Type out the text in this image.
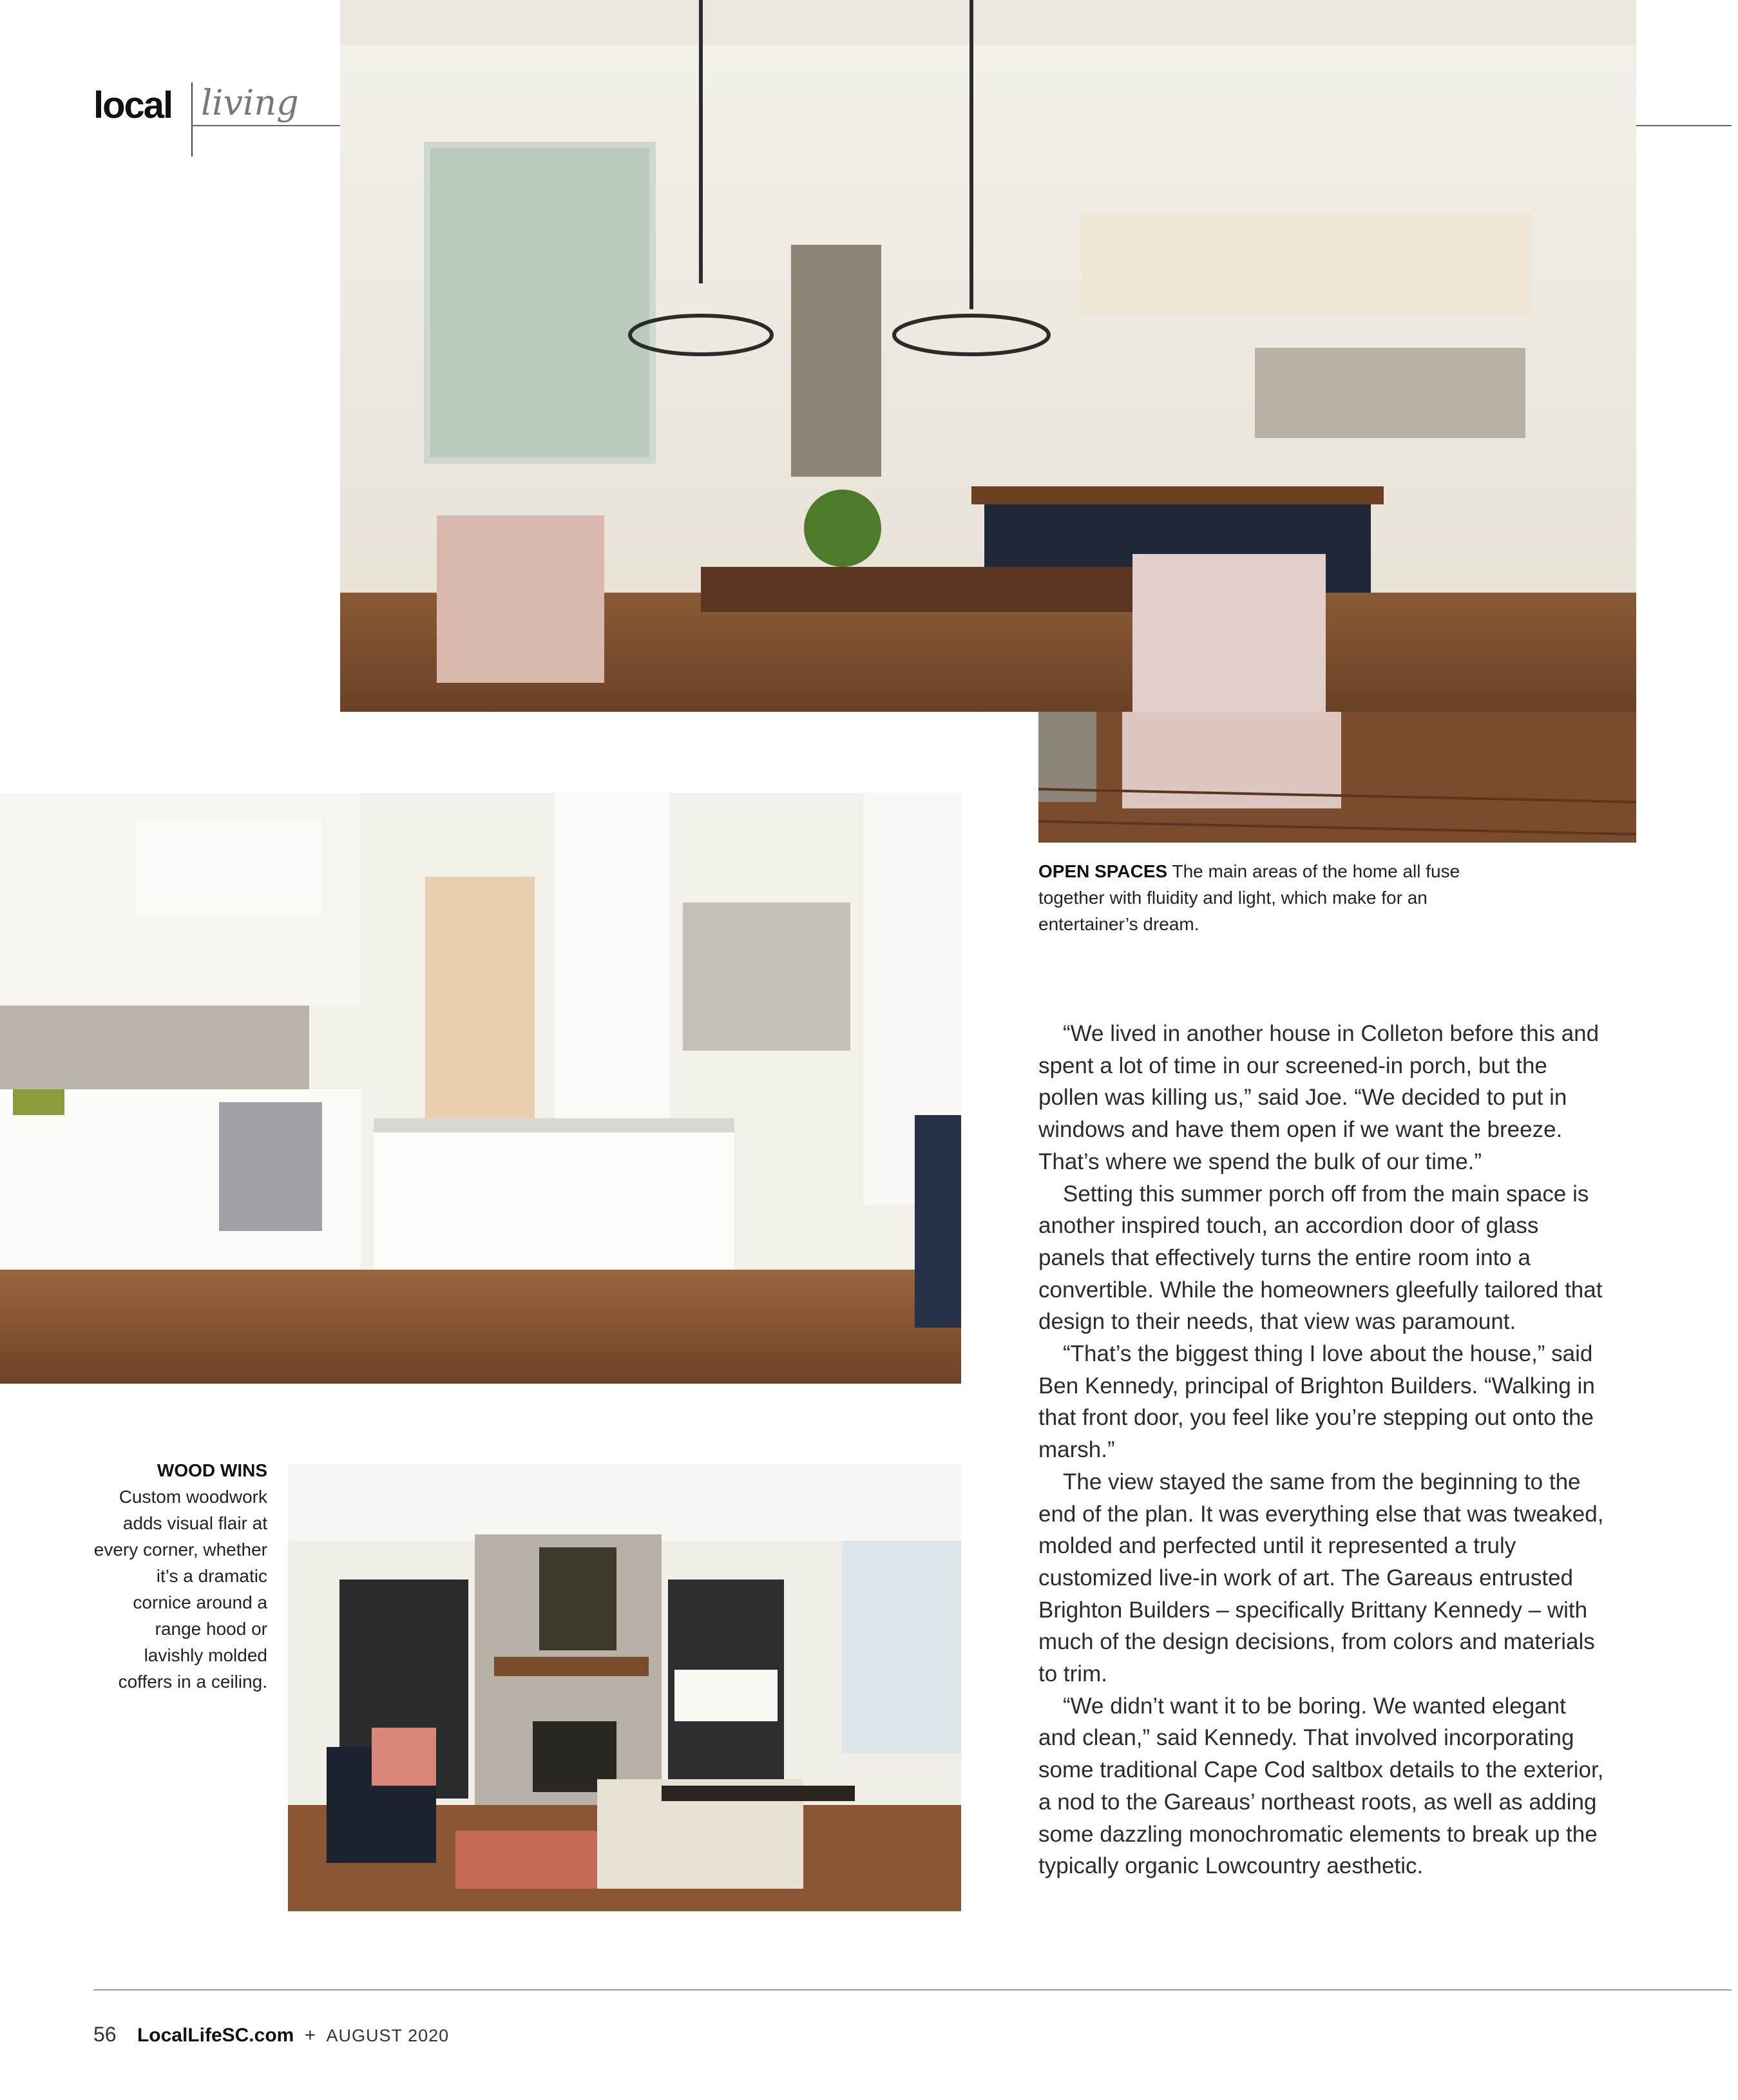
local living
OPEN SPACES The main areas of the home all fuse together with fluidity and light, which make for an entertainer’s dream.
WOOD WINS
Custom woodwork adds visual flair at every corner, whether it’s a dramatic cornice around a range hood or lavishly molded coffers in a ceiling.

“We lived in another house in Colleton before this and spent a lot of time in our screened-in porch, but the pollen was killing us,” said Joe. “We decided to put in windows and have them open if we want the breeze. That’s where we spend the bulk of our time.”

Setting this summer porch off from the main space is another inspired touch, an accordion door of glass panels that effectively turns the entire room into a convertible. While the homeowners gleefully tailored that design to their needs, that view was paramount.

“That’s the biggest thing I love about the house,” said Ben Kennedy, principal of Brighton Builders. “Walking in that front door, you feel like you’re stepping out onto the marsh.”

The view stayed the same from the beginning to the end of the plan. It was everything else that was tweaked, molded and perfected until it represented a truly customized live-in work of art. The Gareaus entrusted Brighton Builders – specifically Brittany Kennedy – with much of the design decisions, from colors and materials to trim.

“We didn’t want it to be boring. We wanted elegant and clean,” said Kennedy. That involved incorporating some traditional Cape Cod saltbox details to the exterior, a nod to the Gareaus’ northeast roots, as well as adding some dazzling monochromatic elements to break up the typically organic Lowcountry aesthetic.

56 LocalLifeSC.com + AUGUST 2020
